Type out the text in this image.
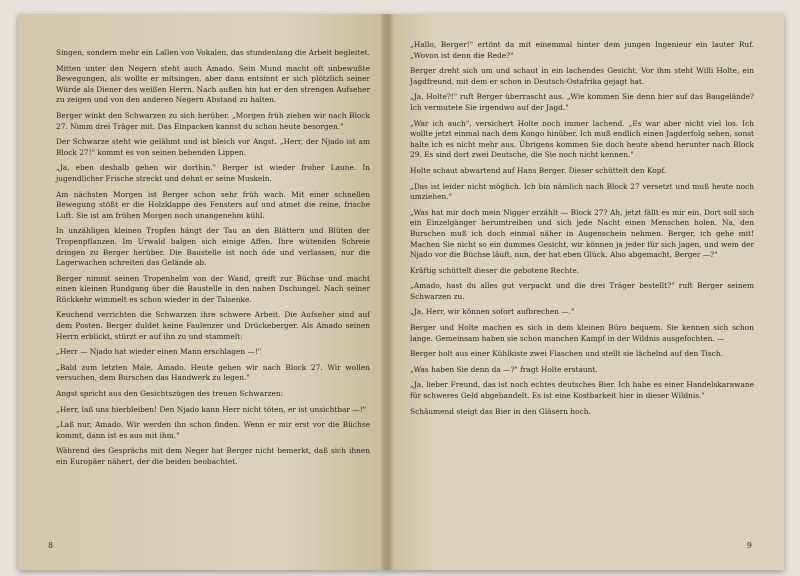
Singen, sondern mehr ein Lallen von Vokalen, das stundenlang die Arbeit begleitet.

Mitten unter den Negern steht auch Amado. Sein Mund macht oft unbewußte Bewegungen, als wollte er mitsingen, aber dann entsinnt er sich plötzlich seiner Würde als Diener des weißen Herrn. Nach außen hin hat er den strengen Aufseher zu zeigen und von den anderen Negern Abstand zu halten.

Berger winkt den Schwarzen zu sich herüber. „Morgen früh ziehen wir nach Block 27. Nimm drei Träger mit. Das Einpacken kannst du schon heute besorgen."

Der Schwarze steht wie gelähmt und ist bleich vor Angst. „Herr, der Njado ist am Block 27!" kommt es von seinen bebenden Lippen.

„Ja, eben deshalb gehen wir dorthin." Berger ist wieder froher Laune. In jugendlicher Frische streckt und dehnt er seine Muskeln.

Am nächsten Morgen ist Berger schon sehr früh wach. Mit einer schnellen Bewegung stößt er die Holzklappe des Fensters auf und atmet die reine, frische Luft. Sie ist am frühen Morgen noch unangenehm kühl.

In unzähligen kleinen Tropfen hängt der Tau an den Blättern und Blüten der Tropenpflanzen. Im Urwald balgen sich einige Affen. Ihre wütenden Schreie dringen zu Berger herüber. Die Baustelle ist noch öde und verlassen, nur die Lagerwachen schreiten das Gelände ab.

Berger nimmt seinen Tropenhelm von der Wand, greift zur Büchse und macht einen kleinen Rundgang über die Baustelle in den nahen Dschungel. Nach seiner Rückkehr wimmelt es schon wieder in der Talsenke.

Keuchend verrichten die Schwarzen ihre schwere Arbeit. Die Aufseher sind auf dem Posten. Berger duldet keine Faulenzer und Drückeberger. Als Amado seinen Herrn erblickt, stürzt er auf ihn zu und stammelt:

„Herr — Njado hat wieder einen Mann erschlagen —!"

„Bald zum letzten Male, Amado. Heute gehen wir nach Block 27. Wir wollen versuchen, dem Burschen das Handwerk zu legen."

Angst spricht aus den Gesichtszügen des treuen Schwarzen:

„Herr, laß uns hierbleiben! Den Njado kann Herr nicht töten, er ist unsichtbar —!"

„Laß nur, Amado. Wir werden ihn schon finden. Wenn er mir erst vor die Büchse kommt, dann ist es aus mit ihm."

Während des Gesprächs mit dem Neger hat Berger nicht bemerkt, daß sich ihnen ein Europäer nähert, der die beiden beobachtet.

8

„Hallo, Berger!" ertönt da mit einemmal hinter dem jungen Ingenieur ein lauter Ruf. „Wovon ist denn die Rede?"

Berger dreht sich um und schaut in ein lachendes Gesicht. Vor ihm steht Willi Holte, ein Jagdfreund, mit dem er schon in Deutsch-Ostafrika gejagt hat.

„Ja, Holte?!" ruft Berger überrascht aus. „Wie kommen Sie denn hier auf das Baugelände? Ich vermutete Sie irgendwo auf der Jagd."

„War ich auch", versichert Holte noch immer lachend. „Es war aber nicht viel los. Ich wollte jetzt einmal nach dem Kongo hinüber. Ich muß endlich einen Jagderfolg sehen, sonst halte ich es nicht mehr aus. Übrigens kommen Sie doch heute abend herunter nach Block 29. Es sind dort zwei Deutsche, die Sie noch nicht kennen."

Holte schaut abwartend auf Hans Berger. Dieser schüttelt den Kopf.

„Das ist leider nicht möglich. Ich bin nämlich nach Block 27 versetzt und muß heute noch umziehen."

„Was hat mir doch mein Nigger erzählt — Block 27? Ah, jetzt fällt es mir ein. Dort soll sich ein Einzelgänger herumtreiben und sich jede Nacht einen Menschen holen. Na, den Burschen muß ich doch einmal näher in Augenschein nehmen. Berger, ich gehe mit! Machen Sie nicht so ein dummes Gesicht, wir können ja jeder für sich jagen, und wem der Njado vor die Büchse läuft, nun, der hat eben Glück. Also abgemacht, Berger —?"

Kräftig schüttelt dieser die gebotene Rechte.

„Amado, hast du alles gut verpackt und die drei Träger bestellt?" ruft Berger seinem Schwarzen zu.

„Ja, Herr, wir können sofort aufbrechen —."

Berger und Holte machen es sich in dem kleinen Büro bequem. Sie kennen sich schon lange. Gemeinsam haben sie schon manchen Kampf in der Wildnis ausgefochten. —

Berger holt aus einer Kühlkiste zwei Flaschen und stellt sie lächelnd auf den Tisch.

„Was haben Sie denn da —?" fragt Holte erstaunt.

„Ja, lieber Freund, das ist noch echtes deutsches Bier. Ich habe es einer Handelskarawane für schweres Geld abgehandelt. Es ist eine Kostbarkeit hier in dieser Wildnis."

Schäumend steigt das Bier in den Gläsern hoch.

9
